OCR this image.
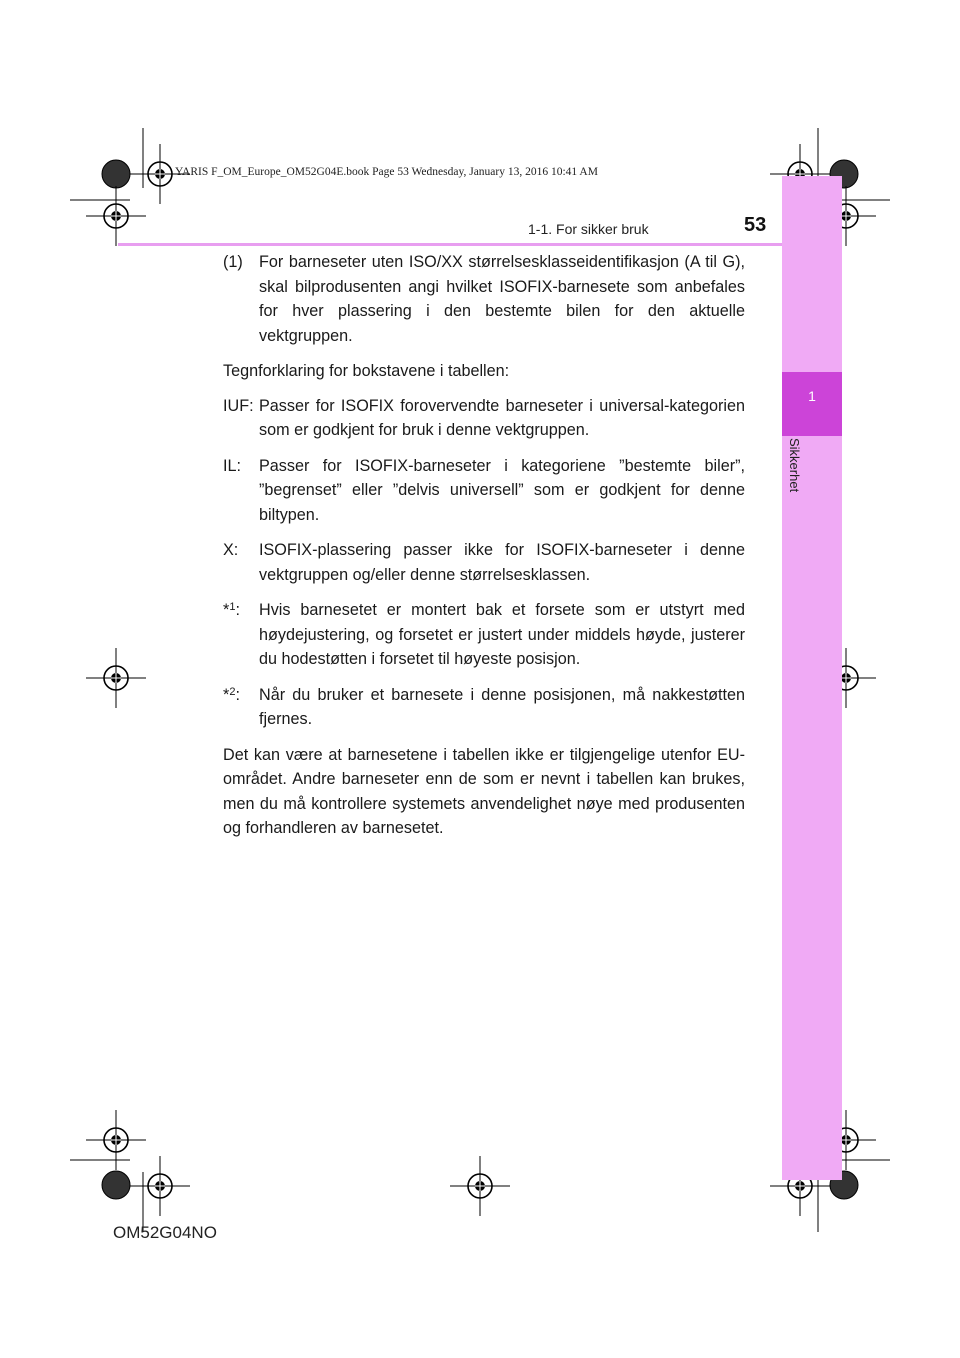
YARIS F_OM_Europe_OM52G04E.book Page 53 Wednesday, January 13, 2016 10:41 AM
1
Sikkerhet
1-1. For sikker bruk	53
(1)	For barneseter uten ISO/XX størrelsesklasseidentifikasjon (A til G), skal bilprodusenten angi hvilket ISOFIX-barnesete som anbefales for hver plassering i den bestemte bilen for den aktuelle vektgruppen.
Tegnforklaring for bokstavene i tabellen:
IUF: Passer for ISOFIX forovervendte barneseter i universal-kategorien som er godkjent for bruk i denne vektgruppen.
IL:	Passer for ISOFIX-barneseter i kategoriene ”bestemte biler”, ”begrenset” eller ”delvis universell” som er godkjent for denne biltypen.
X:	ISOFIX-plassering passer ikke for ISOFIX-barneseter i denne vektgruppen og/eller denne størrelsesklassen.
*$^1$:	Hvis barnesetet er montert bak et forsete som er utstyrt med høydejustering, og forsetet er justert under middels høyde, justerer du hodestøtten i forsetet til høyeste posisjon.
*$^2$:	Når du bruker et barnesete i denne posisjonen, må nakkestøtten fjernes.
Det kan være at barnesetene i tabellen ikke er tilgjengelige utenfor EU-området. Andre barneseter enn de som er nevnt i tabellen kan brukes, men du må kontrollere systemets anvendelighet nøye med produsenten og forhandleren av barnesetet.
OM52G04NO
